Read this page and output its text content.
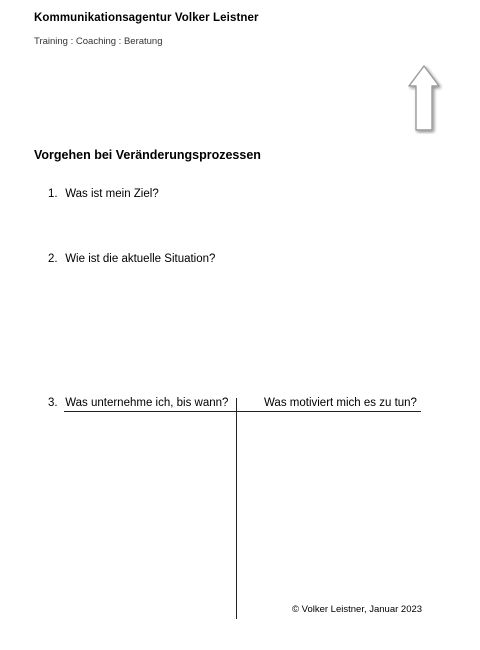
Kommunikationsagentur Volker Leistner
Training : Coaching : Beratung
Vorgehen bei Veränderungsprozessen
1. Was ist mein Ziel?
2. Wie ist die aktuelle Situation?
3. Was unternehme ich, bis wann?	Was motiviert mich es zu tun?
© Volker Leistner, Januar 2023
